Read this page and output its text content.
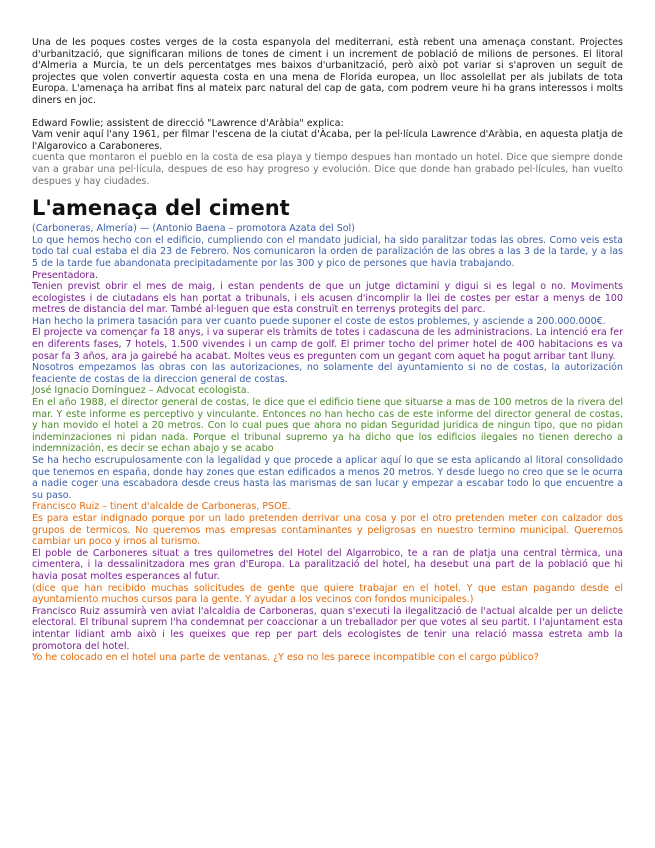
Una de les poques costes verges de la costa espanyola del mediterrani, està rebent una amenaça constant. Projectes d'urbanització, que significaran milions de tones de ciment i un increment de població de milions de persones. El litoral d'Almeria a Murcia, te un dels percentatges mes baixos d'urbanització, però això pot variar si s'aproven un seguit de projectes que volen convertir aquesta costa en una mena de Florida europea, un lloc assolellat per als jubilats de tota Europa. L'amenaça ha arribat fins al mateix parc natural del cap de gata, com podrem veure hi ha grans interessos i molts diners en joc.

Edward Fowlie; assistent de direcció "Lawrence d'Aràbia" explica:

Vam venir aquí l'any 1961, per filmar l'escena de la ciutat d'Àcaba, per la pel·lícula Lawrence d'Aràbia, en aquesta platja de l'Algarovico a Caraboneres.

cuenta que montaron el pueblo en la costa de esa playa y tiempo despues han montado un hotel. Dice que siempre donde van a grabar una pel·lícula, despues de eso hay progreso y evolución. Dice que donde han grabado pel·lícules, han vuelto despues y hay ciudades.

L'amenaça del ciment

(Carboneras, Almería) — (Antonio Baena – promotora Azata del Sol)

Lo que hemos hecho con el edificio, cumpliendo con el mandato judicial, ha sido paralitzar todas las obres. Como veis esta todo tal cual estaba el dia 23 de Febrero. Nos comunicaron la orden de paralización de las obres a las 3 de la tarde, y a las 5 de la tarde fue abandonata precipitadamente por las 300 y pico de persones que havia trabajando.

Presentadora.

Tenien previst obrir el mes de maig, i estan pendents de que un jutge dictamini y digui si es legal o no. Moviments ecologistes i de ciutadans els han portat a tribunals, i els acusen d'incomplir la llei de costes per estar a menys de 100 metres de distancia del mar. També al·leguen que esta construït en terrenys protegits del parc.

Han hecho la primera tasación para ver cuanto puede suponer el coste de estos problemes, y asciende a 200.000.000€.

El projecte va començar fa 18 anys, i va superar els tràmits de totes i cadascuna de les administracions. La intenció era fer en diferents fases, 7 hotels, 1.500 vivendes i un camp de golf. El primer tocho del primer hotel de 400 habitacions es va posar fa 3 años, ara ja gairebé ha acabat. Moltes veus es pregunten com un gegant com aquet ha pogut arribar tant lluny.

Nosotros empezamos las obras con las autorizaciones, no solamente del ayuntamiento si no de costas, la autorización feaciente de costas de la direccion general de costas.

José Ignacio Domínguez – Advocat ecologista.

En el año 1988, el director general de costas, le dice que el edificio tiene que situarse a mas de 100 metros de la rivera del mar. Y este informe es perceptivo y vinculante. Entonces no han hecho cas de este informe del director general de costas, y han movido el hotel a 20 metros. Con lo cual pues que ahora no pidan Seguridad juridica de ningun tipo, que no pidan indeminzaciones ni pidan nada. Porque el tribunal supremo ya ha dicho que los edificios ilegales no tienen derecho a indemnización, es decir se echan abajo y se acabo

Se ha hecho escrupulosamente con la legalidad y que procede a aplicar aquí lo que se esta aplicando al litoral consolidado que tenemos en españa, donde hay zones que estan edificados a menos 20 metros. Y desde luego no creo que se le ocurra a nadie coger una escabadora desde creus hasta las marismas de san lucar y empezar a escabar todo lo que encuentre a su paso.

Francisco Ruiz – tinent d'alcalde de Carboneras, PSOE.

Es para estar indignado porque por un lado pretenden derrivar una cosa y por el otro pretenden meter con calzador dos grupos de termicos. No queremos mas empresas contaminantes y peligrosas en nuestro termino municipal. Queremos cambiar un poco y irnos al turismo.

El poble de Carboneres situat a tres quilometres del Hotel del Algarrobico, te a ran de platja una central tèrmica, una cimentera, i la dessalinitzadora mes gran d'Europa. La paralització del hotel, ha desebut una part de la població que hi havia posat moltes esperances al futur.

(dice que han recibido muchas solicitudes de gente que quiere trabajar en el hotel. Y que estan pagando desde el ayuntamiento muchos cursos para la gente. Y ayudar a los vecinos con fondos municipales.)

Francisco Ruiz assumirà ven aviat l'alcaldia de Carboneras, quan s'executi la ilegalització de l'actual alcalde per un delicte electoral. El tribunal suprem l'ha condemnat per coaccionar a un treballador per que votes al seu partit. I l'ajuntament esta intentar lidiant amb això i les queixes que rep per part dels ecologistes de tenir una relació massa estreta amb la promotora del hotel.

Yo he colocado en el hotel una parte de ventanas. ¿Y eso no les parece incompatible con el cargo público?
